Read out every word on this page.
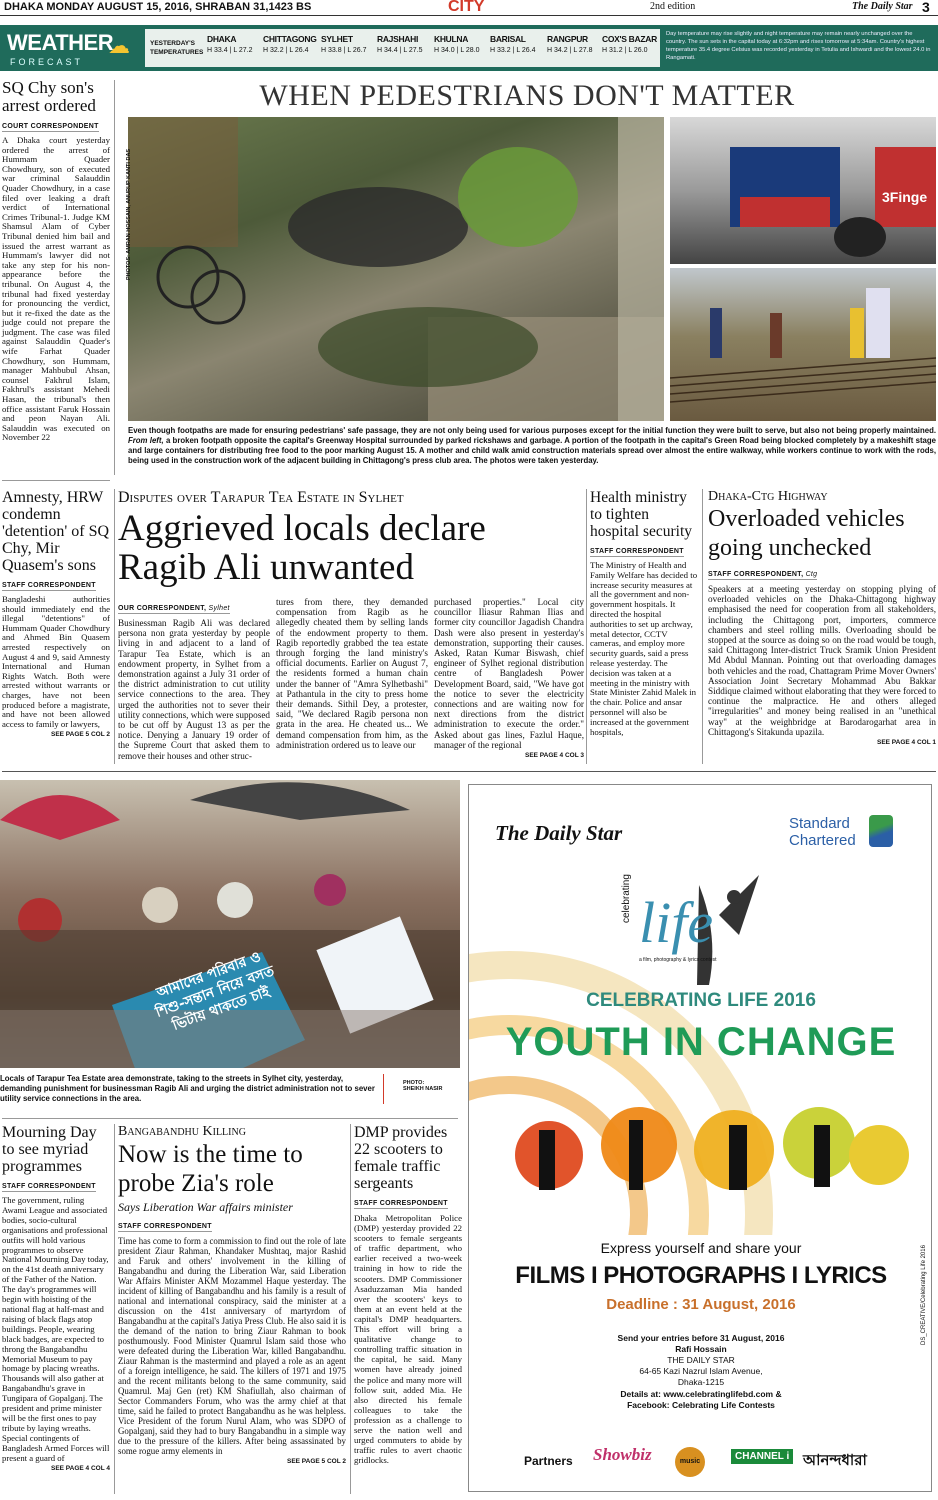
DHAKA MONDAY AUGUST 15, 2016, SHRABAN 31,1423 BS	CITY	2nd edition	The Daily Star 3
WEATHER
FORECAST
☁	YESTERDAY'S
TEMPERATURES
DHAKA
H 33.4 | L 27.2
CHITTAGONG
H 32.2 | L 26.4
SYLHET
H 33.8 | L 26.7
RAJSHAHI
H 34.4 | L 27.5
KHULNA
H 34.0 | L 28.0
BARISAL
H 33.2 | L 26.4
RANGPUR
H 34.2 | L 27.8
COX'S BAZAR
H 31.2 | L 26.0
Day temperature may rise slightly and night temperature may remain nearly unchanged over the country. The sun sets in the capital today at 6:32pm and rises tomorrow at 5:34am. Country's highest temperature 35.4 degree Celsius was recorded yesterday in Tetulia and Ishwardi and the lowest 24.0 in Rangamati.
SQ Chy son's arrest ordered
COURT CORRESPONDENT
A Dhaka court yesterday ordered the arrest of Hummam Quader Chowdhury, son of executed war criminal Salauddin Quader Chowdhury, in a case filed over leaking a draft verdict of International Crimes Tribunal-1. Judge KM Shamsul Alam of Cyber Tribunal denied him bail and issued the arrest warrant as Hummam's lawyer did not take any step for his non-appearance before the tribunal. On August 4, the tribunal had fixed yesterday for pronouncing the verdict, but it re-fixed the date as the judge could not prepare the judgment. The case was filed against Salauddin Quader's wife Farhat Quader Chowdhury, son Hummam, manager Mahbubul Ahsan, counsel Fakhrul Islam, Fakhrul's assistant Mehedi Hasan, the tribunal's then office assistant Faruk Hossain and peon Nayan Ali. Salauddin was executed on November 22
WHEN PEDESTRIANS DON'T MATTER
PHOTOS: AMRAN HOSSAIN, ANURUP KANTI DAS	3Finge
Even though footpaths are made for ensuring pedestrians' safe passage, they are not only being used for various purposes except for the initial function they were built to serve, but also not being properly maintained. From left, a broken footpath opposite the capital's Greenway Hospital surrounded by parked rickshaws and garbage. A portion of the footpath in the capital's Green Road being blocked completely by a makeshift stage and large containers for distributing free food to the poor marking August 15. A mother and child walk amid construction materials spread over almost the entire walkway, while workers continue to work with the rods, being used in the construction work of the adjacent building in Chittagong's press club area. The photos were taken yesterday.
Amnesty, HRW condemn 'detention' of SQ Chy, Mir Quasem's sons
STAFF CORRESPONDENT
Bangladeshi authorities should immediately end the illegal "detentions" of Hummam Quader Chowdhury and Ahmed Bin Quasem arrested respectively on August 4 and 9, said Amnesty International and Human Rights Watch. Both were arrested without warrants or charges, have not been produced before a magistrate, and have not been allowed access to family or lawyers,
SEE PAGE 5 COL 2
Disputes over Tarapur Tea Estate in Sylhet
Aggrieved locals declare Ragib Ali unwanted
OUR CORRESPONDENT, Sylhet
Businessman Ragib Ali was declared persona non grata yesterday by people living in and adjacent to a land of Tarapur Tea Estate, which is an endowment property, in Sylhet from a demonstration against a July 31 order of the district administration to cut utility service connections to the area. They urged the authorities not to sever their utility connections, which were supposed to be cut off by August 13 as per the notice. Denying a January 19 order of the Supreme Court that asked them to remove their houses and other struc-
tures from there, they demanded compensation from Ragib as he allegedly cheated them by selling lands of the endowment property to them. Ragib reportedly grabbed the tea estate through forging the land ministry's official documents. Earlier on August 7, the residents formed a human chain under the banner of "Amra Sylhetbashi" at Pathantula in the city to press home their demands. Sithil Dey, a protester, said, "We declared Ragib persona non grata in the area. He cheated us... We demand compensation from him, as the administration ordered us to leave our
purchased properties." Local city councillor Iliasur Rahman Ilias and former city councillor Jagadish Chandra Dash were also present in yesterday's demonstration, supporting their causes. Asked, Ratan Kumar Biswash, chief engineer of Sylhet regional distribution centre of Bangladesh Power Development Board, said, "We have got the notice to sever the electricity connections and are waiting now for next directions from the district administration to execute the order." Asked about gas lines, Fazlul Haque, manager of the regional
SEE PAGE 4 COL 3
Health ministry to tighten hospital security
STAFF CORRESPONDENT
The Ministry of Health and Family Welfare has decided to increase security measures at all the government and non-government hospitals. It directed the hospital authorities to set up archway, metal detector, CCTV cameras, and employ more security guards, said a press release yesterday. The decision was taken at a meeting in the ministry with State Minister Zahid Malek in the chair. Police and ansar personnel will also be increased at the government hospitals,
Dhaka-Ctg Highway
Overloaded vehicles going unchecked
STAFF CORRESPONDENT, Ctg
Speakers at a meeting yesterday on stopping plying of overloaded vehicles on the Dhaka-Chittagong highway emphasised the need for cooperation from all stakeholders, including the Chittagong port, importers, commerce chambers and steel rolling mills. Overloading should be stopped at the source as doing so on the road would be tough, said Chittagong Inter-district Truck Sramik Union President Md Abdul Mannan. Pointing out that overloading damages both vehicles and the road, Chattagram Prime Mover Owners' Association Joint Secretary Mohammad Abu Bakkar Siddique claimed without elaborating that they were forced to continue the malpractice. He and others alleged "irregularities" and money being realised in an "unethical way" at the weighbridge at Barodarogarhat area in Chittagong's Sitakunda upazila.
SEE PAGE 4 COL 1
আমাদের পরিবার ও শিশু-সন্তান নিয়ে বসত ভিটায় থাকতে চাই
Locals of Tarapur Tea Estate area demonstrate, taking to the streets in Sylhet city, yesterday, demanding punishment for businessman Ragib Ali and urging the district administration not to sever utility service connections in the area.
PHOTO:
SHEIKH NASIR
Mourning Day to see myriad programmes
STAFF CORRESPONDENT
The government, ruling Awami League and associated bodies, socio-cultural organisations and professional outfits will hold various programmes to observe National Mourning Day today, on the 41st death anniversary of the Father of the Nation. The day's programmes will begin with hoisting of the national flag at half-mast and raising of black flags atop buildings. People, wearing black badges, are expected to throng the Bangabandhu Memorial Museum to pay homage by placing wreaths. Thousands will also gather at Bangabandhu's grave in Tungipara of Gopalganj. The president and prime minister will be the first ones to pay tribute by laying wreaths. Special contingents of Bangladesh Armed Forces will present a guard of
SEE PAGE 4 COL 4
Bangabandhu Killing
Now is the time to probe Zia's role
Says Liberation War affairs minister
STAFF CORRESPONDENT
Time has come to form a commission to find out the role of late president Ziaur Rahman, Khandaker Mushtaq, major Rashid and Faruk and others' involvement in the killing of Bangabandhu and during the Liberation War, said Liberation War Affairs Minister AKM Mozammel Haque yesterday. The incident of killing of Bangabandhu and his family is a result of national and international conspiracy, said the minister at a discussion on the 41st anniversary of martyrdom of Bangabandhu at the capital's Jatiya Press Club. He also said it is the demand of the nation to bring Ziaur Rahman to book posthumously. Food Minister Quamrul Islam said those who were defeated during the Liberation War, killed Bangabandhu. Ziaur Rahman is the mastermind and played a role as an agent of a foreign intelligence, he said. The killers of 1971 and 1975 and the recent militants belong to the same community, said Quamrul. Maj Gen (ret) KM Shafiullah, also chairman of Sector Commanders Forum, who was the army chief at that time, said he failed to protect Bangabandhu as he was helpless. Vice President of the forum Nurul Alam, who was SDPO of Gopalganj, said they had to bury Bangabandhu in a simple way due to the pressure of the killers. After being assassinated by some rogue army elements in
SEE PAGE 5 COL 2
DMP provides 22 scooters to female traffic sergeants
STAFF CORRESPONDENT
Dhaka Metropolitan Police (DMP) yesterday provided 22 scooters to female sergeants of traffic department, who earlier received a two-week training in how to ride the scooters. DMP Commissioner Asaduzzaman Mia handed over the scooters' keys to them at an event held at the capital's DMP headquarters. This effort will bring a qualitative change to controlling traffic situation in the capital, he said. Many women have already joined the police and many more will follow suit, added Mia. He also directed his female colleagues to take the profession as a challenge to serve the nation well and urged commuters to abide by traffic rules to avert chaotic gridlocks.
The Daily Star	Standard
Chartered
celebrating life
a film, photography & lyrics contest
CELEBRATING LIFE 2016
YOUTH IN CHANGE
Express yourself and share your
FILMS I PHOTOGRAPHS I LYRICS
Deadline : 31 August, 2016
Send your entries before 31 August, 2016
Rafi Hossain
THE DAILY STAR
64-65 Kazi Nazrul Islam Avenue,
Dhaka-1215
Details at: www.celebratinglifebd.com &
Facebook: Celebrating Life Contests
Partners Showbiz	music	CHANNEL i আনন্দধারা
DS_CREATIVE/Celebrating Life 2016
